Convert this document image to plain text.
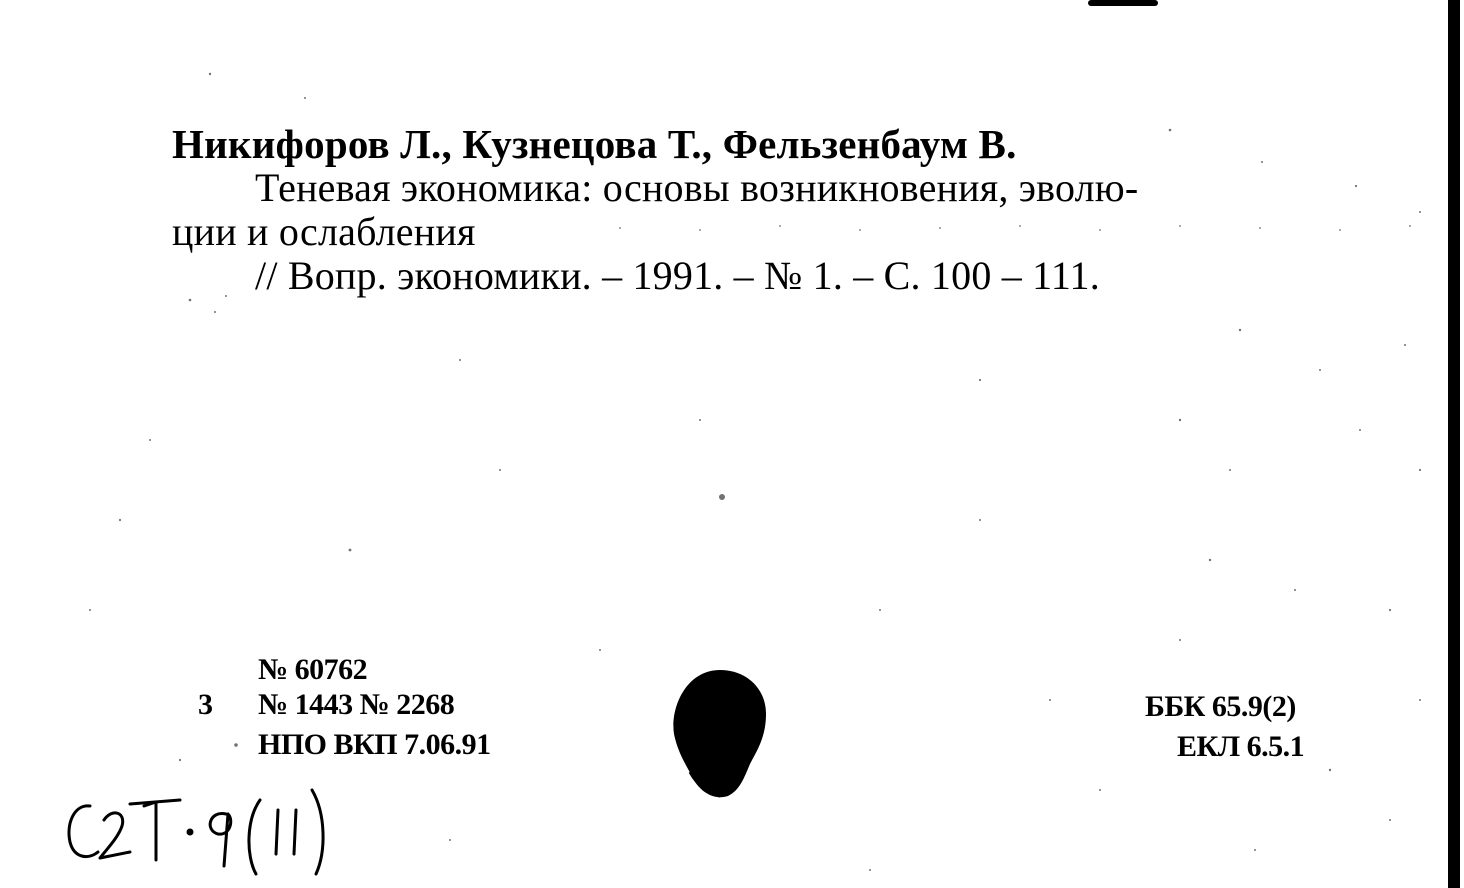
Никифоров Л., Кузнецова Т., Фельзенбаум В.
Теневая экономика: основы возникновения, эволю-
ции и ослабления
// Вопр. экономики. – 1991. – № 1. – С. 100 – 111.
№ 60762
3 № 1443 № 2268
НПО ВКП 7.06.91
ББК 65.9(2)
ЕКЛ 6.5.1
